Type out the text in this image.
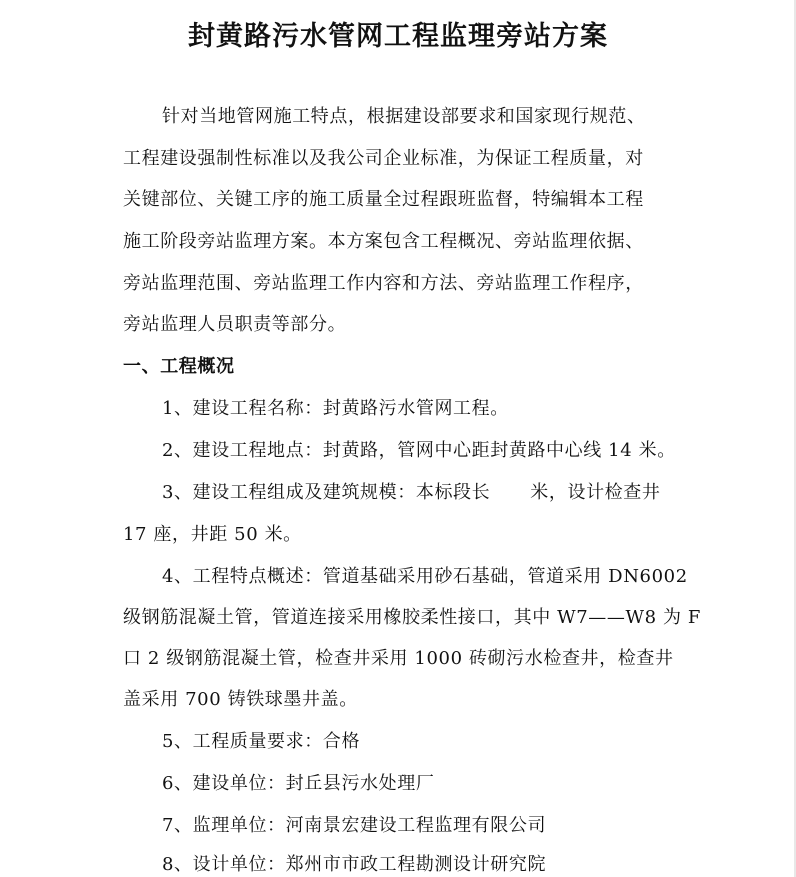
封黄路污水管网工程监理旁站方案
针对当地管网施工特点，根据建设部要求和国家现行规范、
工程建设强制性标准以及我公司企业标准，为保证工程质量，对
关键部位、关键工序的施工质量全过程跟班监督，特编辑本工程
施工阶段旁站监理方案。本方案包含工程概况、旁站监理依据、
旁站监理范围、旁站监理工作内容和方法、旁站监理工作程序，
旁站监理人员职责等部分。
一、工程概况
1、建设工程名称：封黄路污水管网工程。
2、建设工程地点：封黄路，管网中心距封黄路中心线 14 米。
3、建设工程组成及建筑规模：本标段长 米，设计检查井
17 座，井距 50 米。
4、工程特点概述：管道基础采用砂石基础，管道采用 DN6002
级钢筋混凝土管，管道连接采用橡胶柔性接口，其中 W7——W8 为 F
口 2 级钢筋混凝土管，检查井采用 1000 砖砌污水检查井，检查井
盖采用 700 铸铁球墨井盖。
5、工程质量要求：合格
6、建设单位：封丘县污水处理厂
7、监理单位：河南景宏建设工程监理有限公司
8、设计单位：郑州市市政工程勘测设计研究院
